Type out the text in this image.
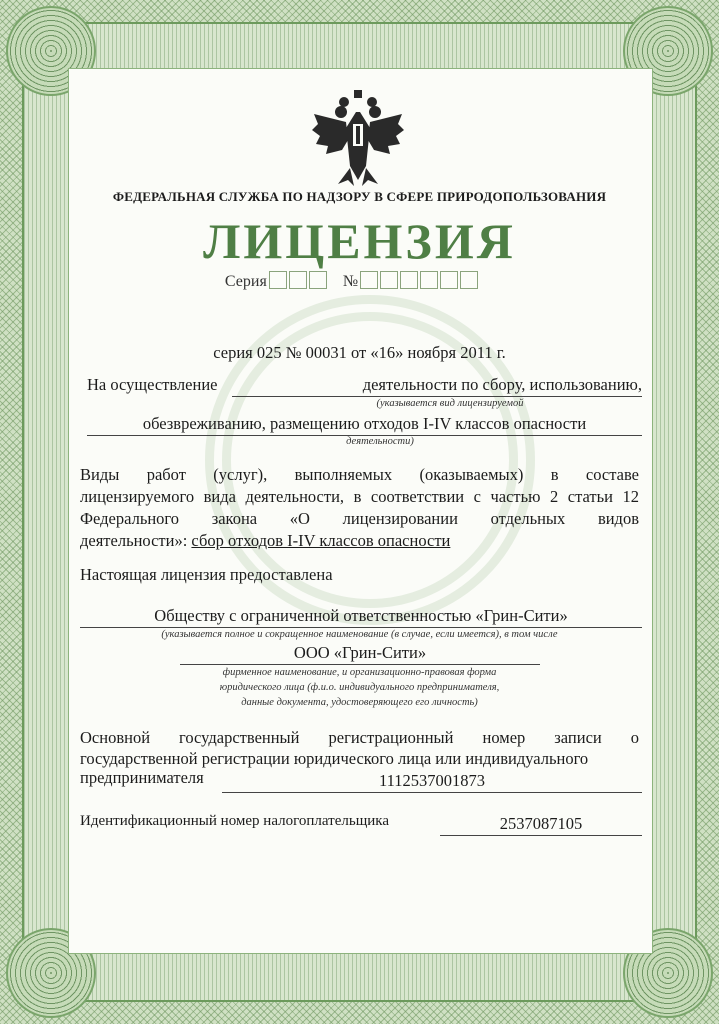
ФЕДЕРАЛЬНАЯ СЛУЖБА ПО НАДЗОРУ В СФЕРЕ ПРИРОДОПОЛЬЗОВАНИЯ
ЛИЦЕНЗИЯ
Серия	№
серия 025 № 00031 от «16» ноября 2011 г.
На осуществление	деятельности по сбору, использованию,
(указывается вид лицензируемой
обезвреживанию, размещению отходов I-IV классов опасности
деятельности)
Виды работ (услуг), выполняемых (оказываемых) в составе
лицензируемого вида деятельности, в соответствии с частью 2 статьи 12
Федерального закона «О лицензировании отдельных видов
деятельности»: сбор отходов I-IV классов опасности
Настоящая лицензия предоставлена
Обществу с ограниченной ответственностью «Грин-Сити»
(указывается полное и сокращенное наименование (в случае, если имеется), в том числе
ООО «Грин-Сити»
фирменное наименование, и организационно-правовая форма
юридического лица (ф.и.о. индивидуального предпринимателя,
данные документа, удостоверяющего его личность)
Основной государственный регистрационный номер записи о
государственной регистрации юридического лица или индивидуального
предпринимателя	1112537001873
Идентификационный номер налогоплательщика	2537087105
